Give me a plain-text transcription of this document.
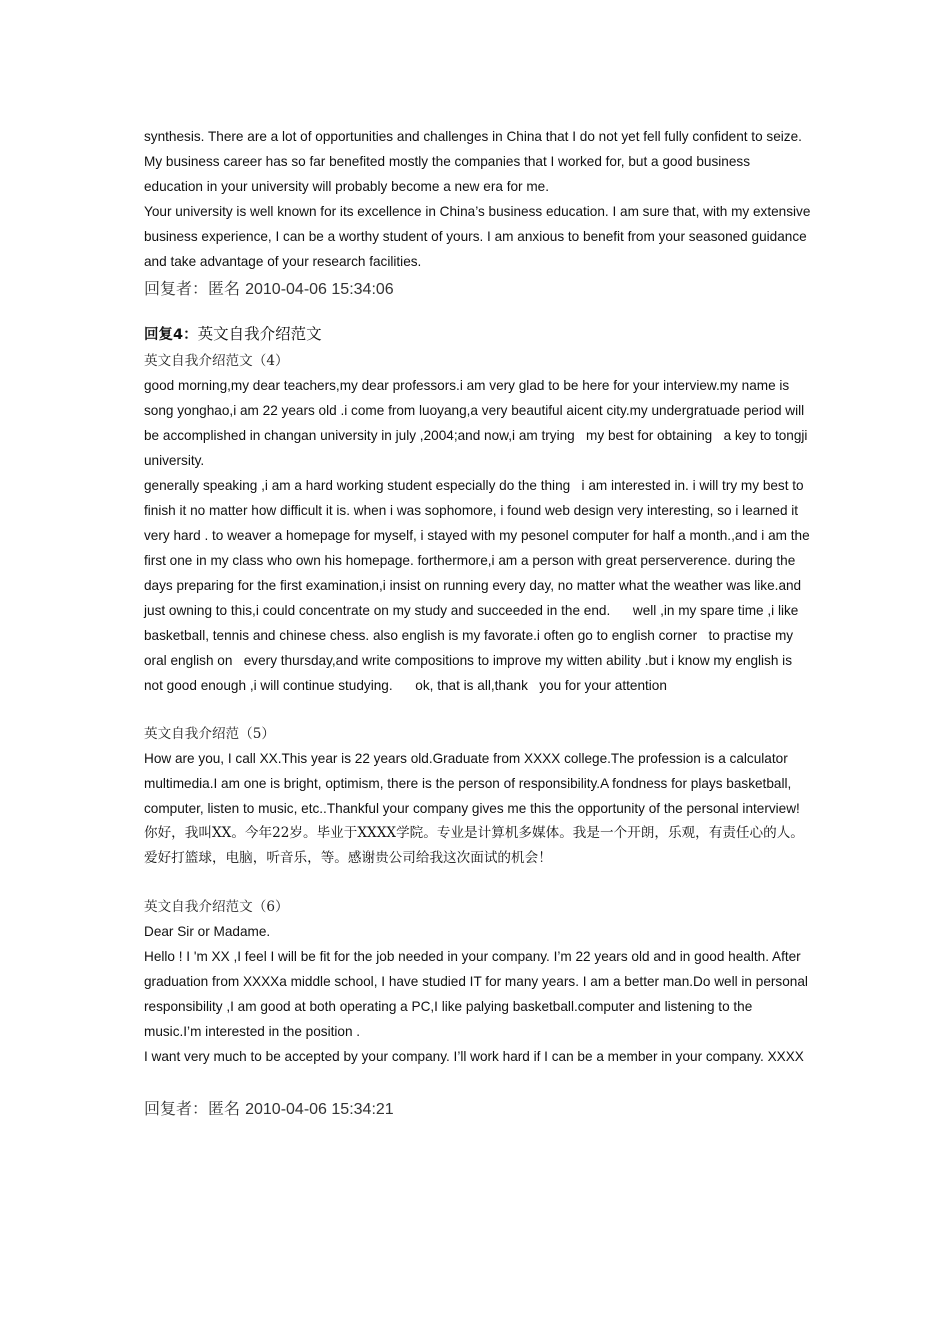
synthesis. There are a lot of opportunities and challenges in China that I do not yet fell fully confident to seize. My business career has so far benefited mostly the companies that I worked for, but a good business education in your university will probably become a new era for me.

Your university is well known for its excellence in China’s business education. I am sure that, with my extensive business experience, I can be a worthy student of yours. I am anxious to benefit from your seasoned guidance and take advantage of your research facilities.

回复者：匿名 2010-04-06 15:34:06

回复4：英文自我介绍范文

英文自我介绍范文（4）

good morning,my dear teachers,my dear professors.i am very glad to be here for your interview.my name is song yonghao,i am 22 years old .i come from luoyang,a very beautiful aicent city.my undergratuade period will be accomplished in changan university in july ,2004;and now,i am trying   my best for obtaining   a key to tongji university.

generally speaking ,i am a hard working student especially do the thing   i am interested in. i will try my best to finish it no matter how difficult it is. when i was sophomore, i found web design very interesting, so i learned it very hard . to weaver a homepage for myself, i stayed with my pesonel computer for half a month.,and i am the first one in my class who own his homepage. forthermore,i am a person with great perserverence. during the days preparing for the first examination,i insist on running every day, no matter what the weather was like.and   just owning to this,i could concentrate on my study and succeeded in the end.      well ,in my spare time ,i like basketball, tennis and chinese chess. also english is my favorate.i often go to english corner   to practise my oral english on   every thursday,and write compositions to improve my witten ability .but i know my english is not good enough ,i will continue studying.      ok, that is all,thank   you for your attention

英文自我介绍范（5）

How are you, I call XX.This year is 22 years old.Graduate from XXXX college.The profession is a calculator multimedia.I am one is bright, optimism, there is the person of responsibility.A fondness for plays basketball, computer, listen to music, etc..Thankful your company gives me this the opportunity of the personal interview!

你好，我叫XX。今年22岁。毕业于XXXX学院。专业是计算机多媒体。我是一个开朗，乐观，有责任心的人。爱好打篮球，电脑，听音乐，等。感谢贵公司给我这次面试的机会！

英文自我介绍范文（6）

Dear Sir or Madame.

Hello ! I 'm XX ,I feel I will be fit for the job needed in your company. I’m 22 years old and in good health. After graduation from XXXXa middle school, I have studied IT for many years. I am a better man.Do well in personal responsibility ,I am good at both operating a PC,I like palying basketball.computer and listening to the music.I’m interested in the position .

I want very much to be accepted by your company. I’ll work hard if I can be a member in your company. XXXX

回复者：匿名 2010-04-06 15:34:21
